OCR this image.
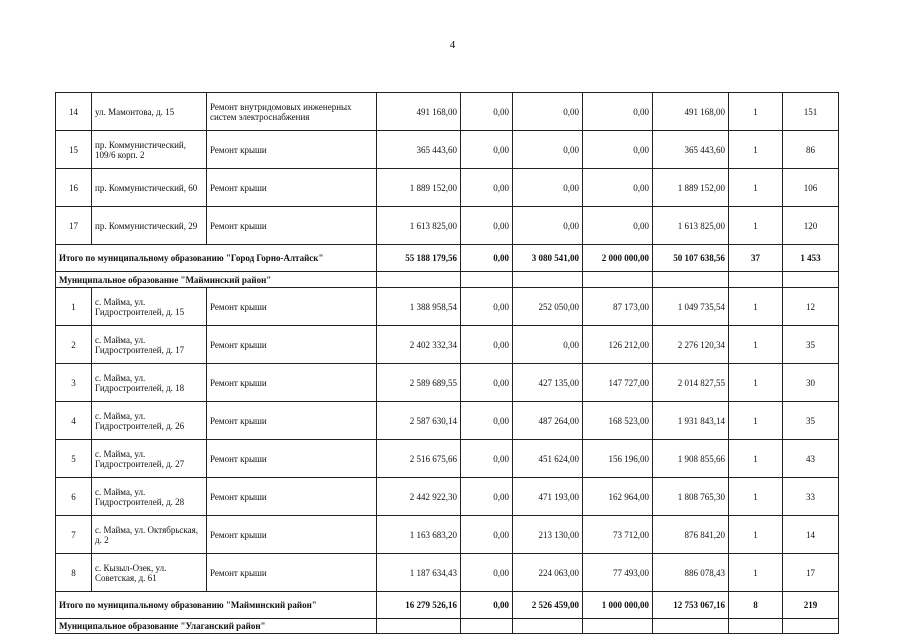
4
14	ул. Мамонтова, д. 15	Ремонт внутридомовых инженерных систем электроснабжения	491 168,00	0,00	0,00	0,00	491 168,00	1	151
15	пр. Коммунистический, 109/6 корп. 2	Ремонт крыши	365 443,60	0,00	0,00	0,00	365 443,60	1	86
16	пр. Коммунистический, 60	Ремонт крыши	1 889 152,00	0,00	0,00	0,00	1 889 152,00	1	106
17	пр. Коммунистический, 29	Ремонт крыши	1 613 825,00	0,00	0,00	0,00	1 613 825,00	1	120
Итого по муниципальному образованию "Город Горно-Алтайск"			55 188 179,56	0,00	3 080 541,00	2 000 000,00	50 107 638,56	37	1 453
Муниципальное образование "Майминский район"									
1	с. Майма, ул. Гидростроителей, д. 15	Ремонт крыши	1 388 958,54	0,00	252 050,00	87 173,00	1 049 735,54	1	12
2	с. Майма, ул. Гидростроителей, д. 17	Ремонт крыши	2 402 332,34	0,00	0,00	126 212,00	2 276 120,34	1	35
3	с. Майма, ул. Гидростроителей, д. 18	Ремонт крыши	2 589 689,55	0,00	427 135,00	147 727,00	2 014 827,55	1	30
4	с. Майма, ул. Гидростроителей, д. 26	Ремонт крыши	2 587 630,14	0,00	487 264,00	168 523,00	1 931 843,14	1	35
5	с. Майма, ул. Гидростроителей, д. 27	Ремонт крыши	2 516 675,66	0,00	451 624,00	156 196,00	1 908 855,66	1	43
6	с. Майма, ул. Гидростроителей, д. 28	Ремонт крыши	2 442 922,30	0,00	471 193,00	162 964,00	1 808 765,30	1	33
7	с. Майма, ул. Октябрьская, д. 2	Ремонт крыши	1 163 683,20	0,00	213 130,00	73 712,00	876 841,20	1	14
8	с. Кызыл-Озек, ул. Советская, д. 61	Ремонт крыши	1 187 634,43	0,00	224 063,00	77 493,00	886 078,43	1	17
Итого по муниципальному образованию "Майминский район"			16 279 526,16	0,00	2 526 459,00	1 000 000,00	12 753 067,16	8	219
Муниципальное образование "Улаганский район"									
